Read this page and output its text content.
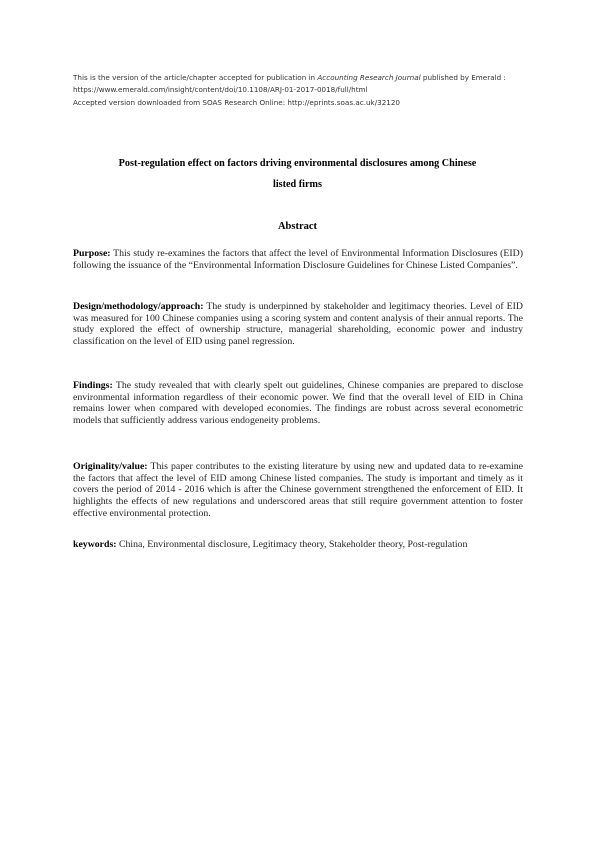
This is the version of the article/chapter accepted for publication in Accounting Research Journal published by Emerald :
https://www.emerald.com/insight/content/doi/10.1108/ARJ-01-2017-0018/full/html
Accepted version downloaded from SOAS Research Online: http://eprints.soas.ac.uk/32120
Post-regulation effect on factors driving environmental disclosures among Chinese
listed firms
Abstract
Purpose: This study re-examines the factors that affect the level of Environmental Information Disclosures (EID) following the issuance of the “Environmental Information Disclosure Guidelines for Chinese Listed Companies”.
Design/methodology/approach: The study is underpinned by stakeholder and legitimacy theories. Level of EID was measured for 100 Chinese companies using a scoring system and content analysis of their annual reports. The study explored the effect of ownership structure, managerial shareholding, economic power and industry classification on the level of EID using panel regression.
Findings: The study revealed that with clearly spelt out guidelines, Chinese companies are prepared to disclose environmental information regardless of their economic power. We find that the overall level of EID in China remains lower when compared with developed economies. The findings are robust across several econometric models that sufficiently address various endogeneity problems.
Originality/value: This paper contributes to the existing literature by using new and updated data to re-examine the factors that affect the level of EID among Chinese listed companies. The study is important and timely as it covers the period of 2014 - 2016 which is after the Chinese government strengthened the enforcement of EID. It highlights the effects of new regulations and underscored areas that still require government attention to foster effective environmental protection.
keywords: China, Environmental disclosure, Legitimacy theory, Stakeholder theory, Post-regulation
